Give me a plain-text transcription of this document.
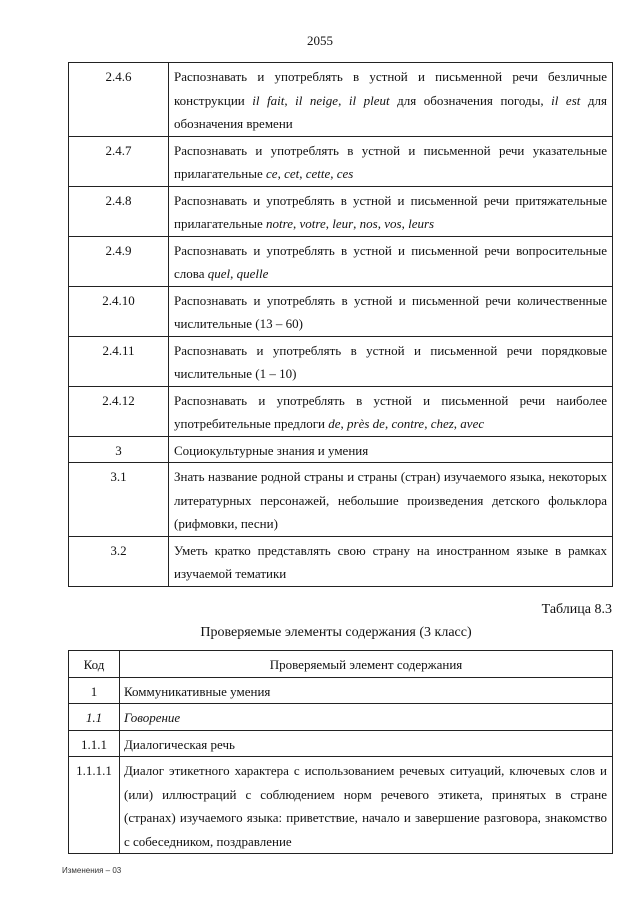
2055
2.4.6	Распознавать и употреблять в устной и письменной речи безличные конструкции il fait, il neige, il pleut для обозначения погоды, il est для обозначения времени
2.4.7	Распознавать и употреблять в устной и письменной речи указательные прилагательные ce, cet, cette, ces
2.4.8	Распознавать и употреблять в устной и письменной речи притяжательные прилагательные notre, votre, leur, nos, vos, leurs
2.4.9	Распознавать и употреблять в устной и письменной речи вопросительные слова quel, quelle
2.4.10	Распознавать и употреблять в устной и письменной речи количественные числительные (13 – 60)
2.4.11	Распознавать и употреблять в устной и письменной речи порядковые числительные (1 – 10)
2.4.12	Распознавать и употреблять в устной и письменной речи наиболее употребительные предлоги de, près de, contre, chez, avec
3	Социокультурные знания и умения
3.1	Знать название родной страны и страны (стран) изучаемого языка, некоторых литературных персонажей, небольшие произведения детского фольклора (рифмовки, песни)
3.2	Уметь кратко представлять свою страну на иностранном языке в рамках изучаемой тематики
Таблица 8.3
Проверяемые элементы содержания (3 класс)
Код	Проверяемый элемент содержания
1	Коммуникативные умения
1.1	Говорение
1.1.1	Диалогическая речь
1.1.1.1	Диалог этикетного характера с использованием речевых ситуаций, ключевых слов и (или) иллюстраций с соблюдением норм речевого этикета, принятых в стране (странах) изучаемого языка: приветствие, начало и завершение разговора, знакомство с собеседником, поздравление
Изменения – 03
